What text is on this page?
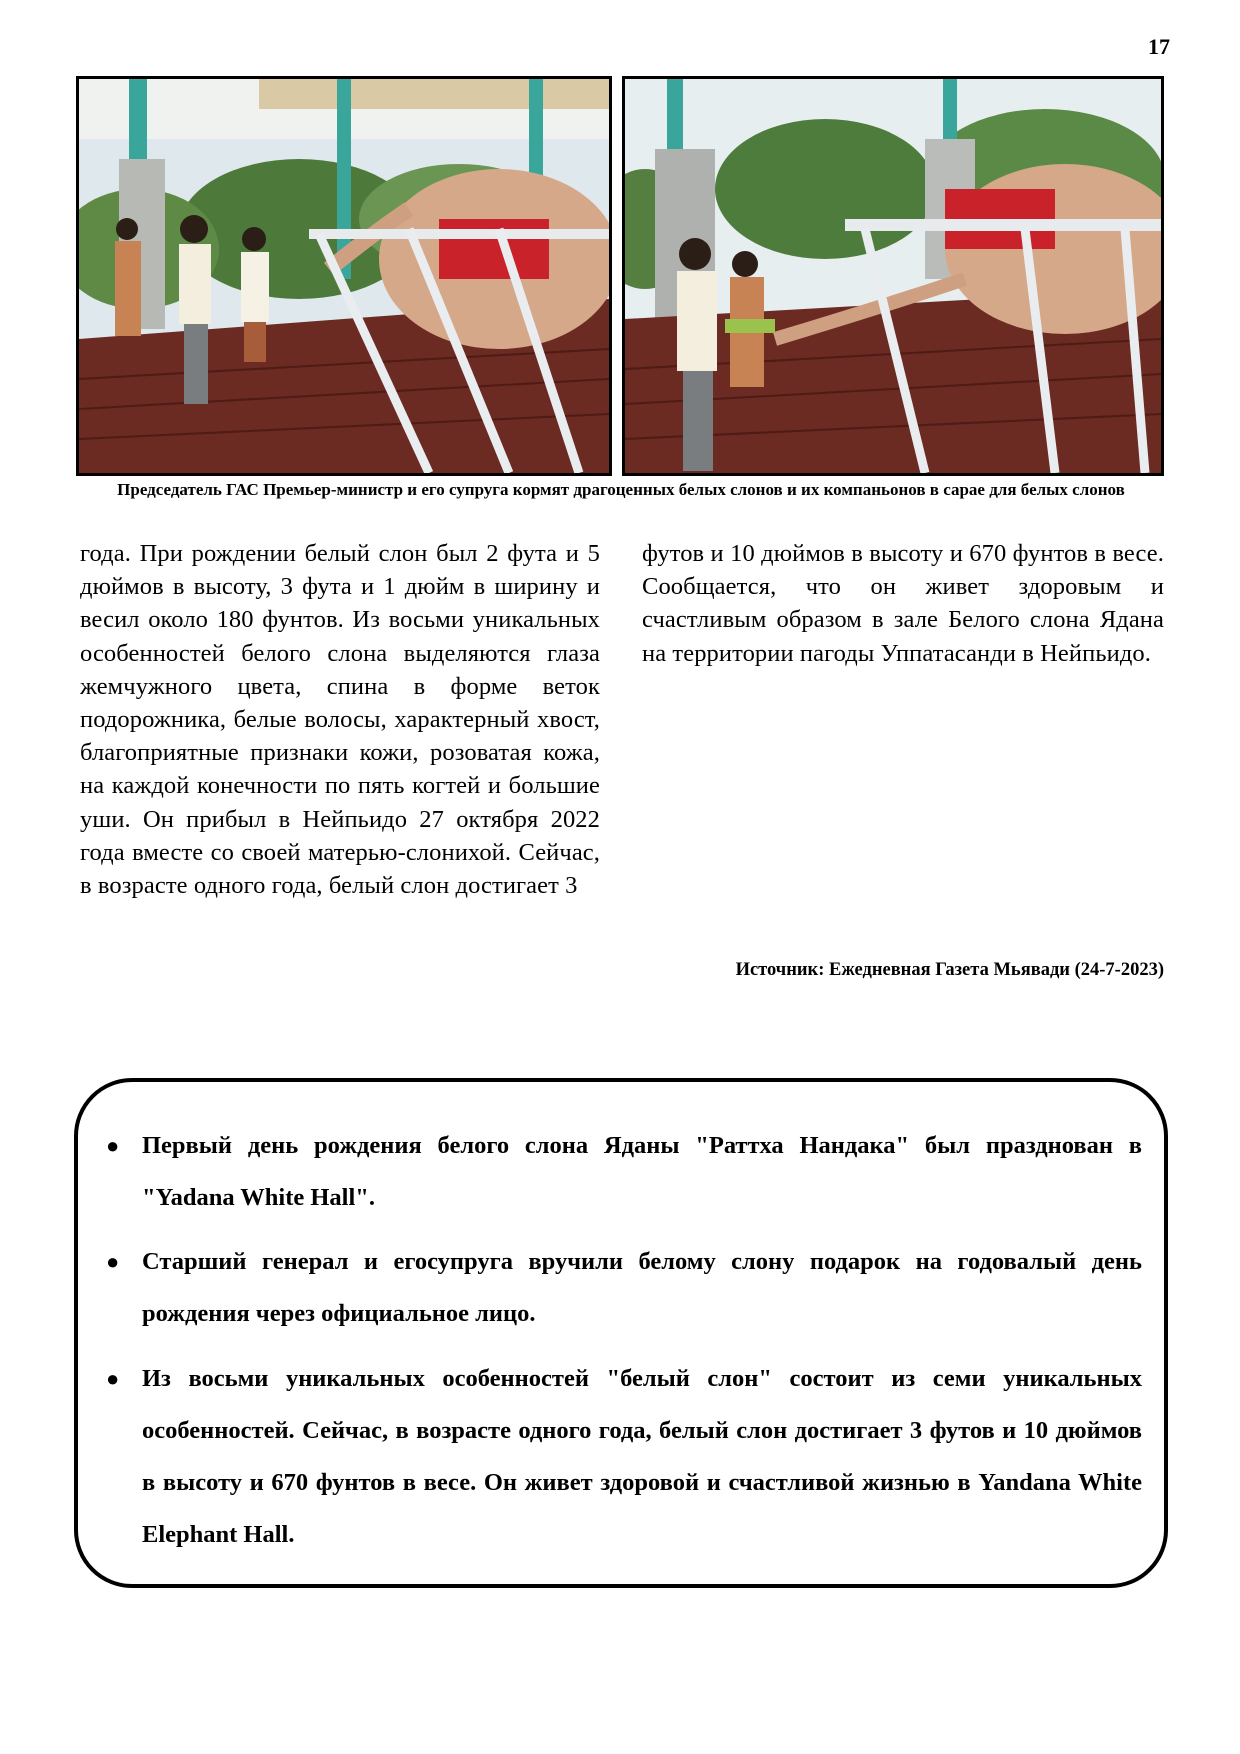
17
Председатель ГАС Премьер-министр и его супруга кормят драгоценных белых слонов и их компаньонов в сарае для белых слонов
года. При рождении белый слон был 2 фута и 5 дюймов в высоту, 3 фута и 1 дюйм в ширину и весил около 180 фунтов. Из восьми уникальных особенностей белого слона выделяются глаза жемчужного цвета, спина в форме веток подорожника, белые волосы, характерный хвост, благоприятные признаки кожи, розоватая кожа, на каждой конечности по пять когтей и большие уши. Он прибыл в Нейпьидо 27 октября 2022 года вместе со своей матерью-слонихой. Сейчас, в возрасте одного года, белый слон достигает 3
футов и 10 дюймов в высоту и 670 фунтов в весе. Сообщается, что он живет здоровым и счастливым образом в зале Белого слона Ядана на территории пагоды Уппатасанди в Нейпьидо.
Источник: Ежедневная Газета Мьявади (24-7-2023)
● Первый день рождения белого слона Яданы "Раттха Нандака" был празднован в "Yadana White Hall".
● Старший генерал и егосупруга вручили белому слону подарок на годовалый день рождения через официальное лицо.
● Из восьми уникальных особенностей "белый слон" состоит из семи уникальных особенностей. Сейчас, в возрасте одного года, белый слон достигает 3 футов и 10 дюймов в высоту и 670 фунтов в весе. Он живет здоровой и счастливой жизнью в Yandana White Elephant Hall.
